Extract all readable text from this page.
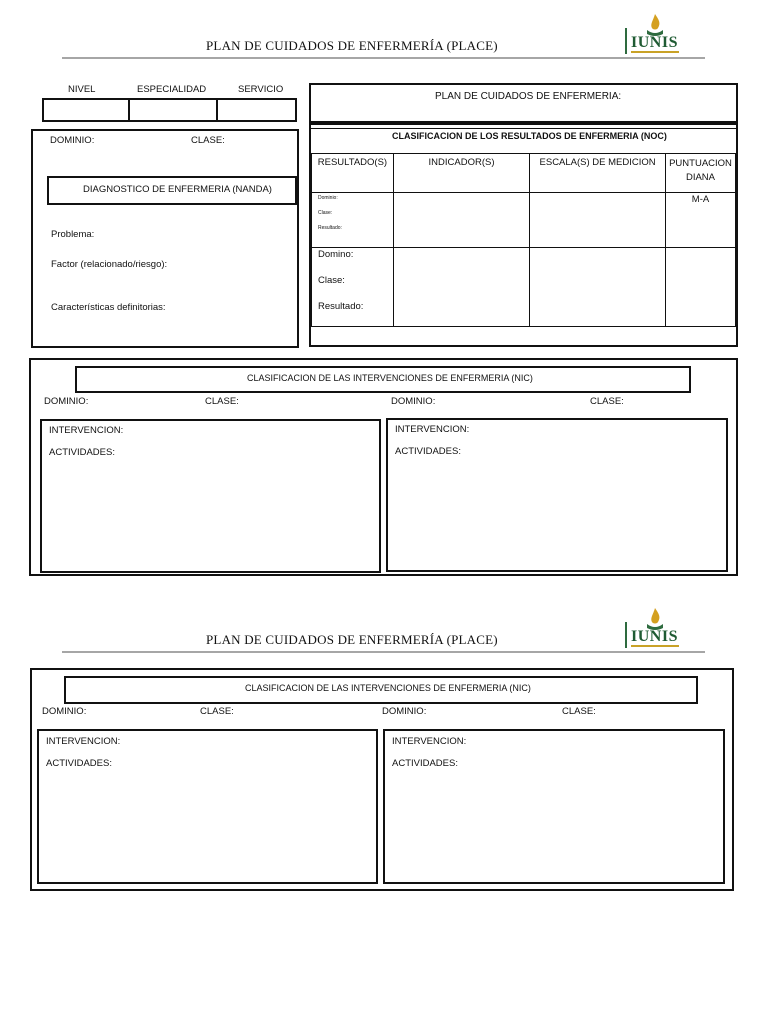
PLAN DE CUIDADOS DE ENFERMERÍA (PLACE)	IUNIS
NIVEL	ESPECIALIDAD	SERVICIO
DOMINIO:	CLASE:
DIAGNOSTICO DE ENFERMERIA (NANDA)
Problema:
Factor (relacionado/riesgo):
Características definitorias:
PLAN DE CUIDADOS DE ENFERMERIA:
CLASIFICACION DE LOS RESULTADOS DE ENFERMERIA (NOC)
RESULTADO(S)	INDICADOR(S)	ESCALA(S) DE MEDICION	PUNTUACION DIANA

Dominio:
Clase:
Resultado:			M-A

Domino:
Clase:
Resultado:			

CLASIFICACION DE LAS INTERVENCIONES DE ENFERMERIA (NIC)
DOMINIO:	CLASE:	DOMINIO:	CLASE:
INTERVENCION:
ACTIVIDADES:
INTERVENCION:
ACTIVIDADES:
PLAN DE CUIDADOS DE ENFERMERÍA (PLACE)	IUNIS
CLASIFICACION DE LAS INTERVENCIONES DE ENFERMERIA (NIC)
DOMINIO:	CLASE:	DOMINIO:	CLASE:
INTERVENCION:
ACTIVIDADES:
INTERVENCION:
ACTIVIDADES:
